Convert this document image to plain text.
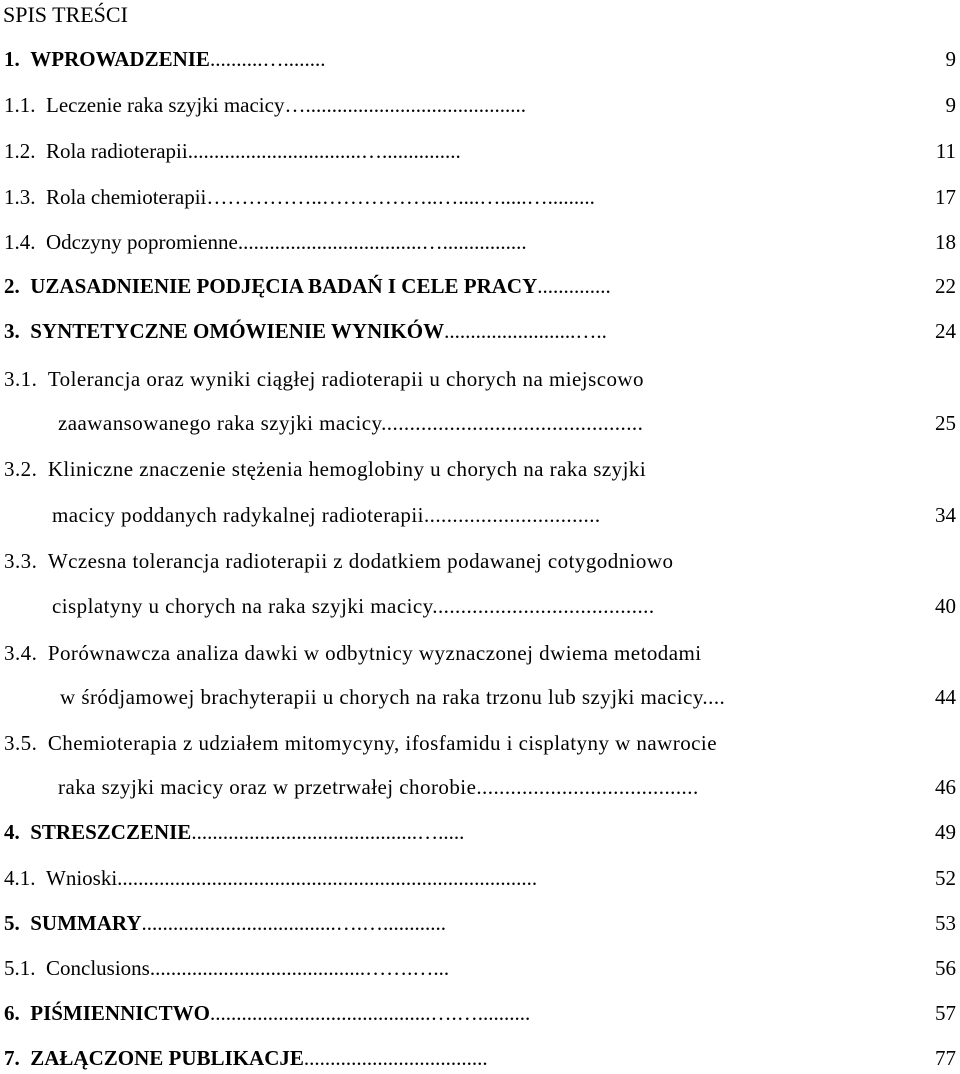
SPIS TREŚCI
1. WPROWADZENIE..........…........	9
1.1. Leczenie raka szyjki macicy…..........................................	9
1.2. Rola radioterapii.................................…...............	11
1.3. Rola chemioterapii……………..……………..…....….....….........	17
1.4. Odczyny popromienne...................................…................	18
2. UZASADNIENIE PODJĘCIA BADAŃ I CELE PRACY..............	22
3. SYNTETYCZNE OMÓWIENIE WYNIKÓW.........................…..	24
3.1. Tolerancja oraz wyniki ciągłej radioterapii u chorych na miejscowo
zaawansowanego raka szyjki macicy..............................................	25
3.2. Kliniczne znaczenie stężenia hemoglobiny u chorych na raka szyjki
macicy poddanych radykalnej radioterapii...............................	34
3.3. Wczesna tolerancja radioterapii z dodatkiem podawanej cotygodniowo
cisplatyny u chorych na raka szyjki macicy.......................................	40
3.4. Porównawcza analiza dawki w odbytnicy wyznaczonej dwiema metodami
w śródjamowej brachyterapii u chorych na raka trzonu lub szyjki macicy....	44
3.5. Chemioterapia z udziałem mitomycyny, ifosfamidu i cisplatyny w nawrocie
raka szyjki macicy oraz w przetrwałej chorobie.......................................	46
4. STRESZCZENIE...........................................….....	49
4.1. Wnioski................................................................................	52
5. SUMMARY.....................................….…............	53
5.1. Conclusions.........................................…….…...	56
6. PIŚMIENNICTWO..........................................….…..........	57
7. ZAŁĄCZONE PUBLIKACJE...................................	77
